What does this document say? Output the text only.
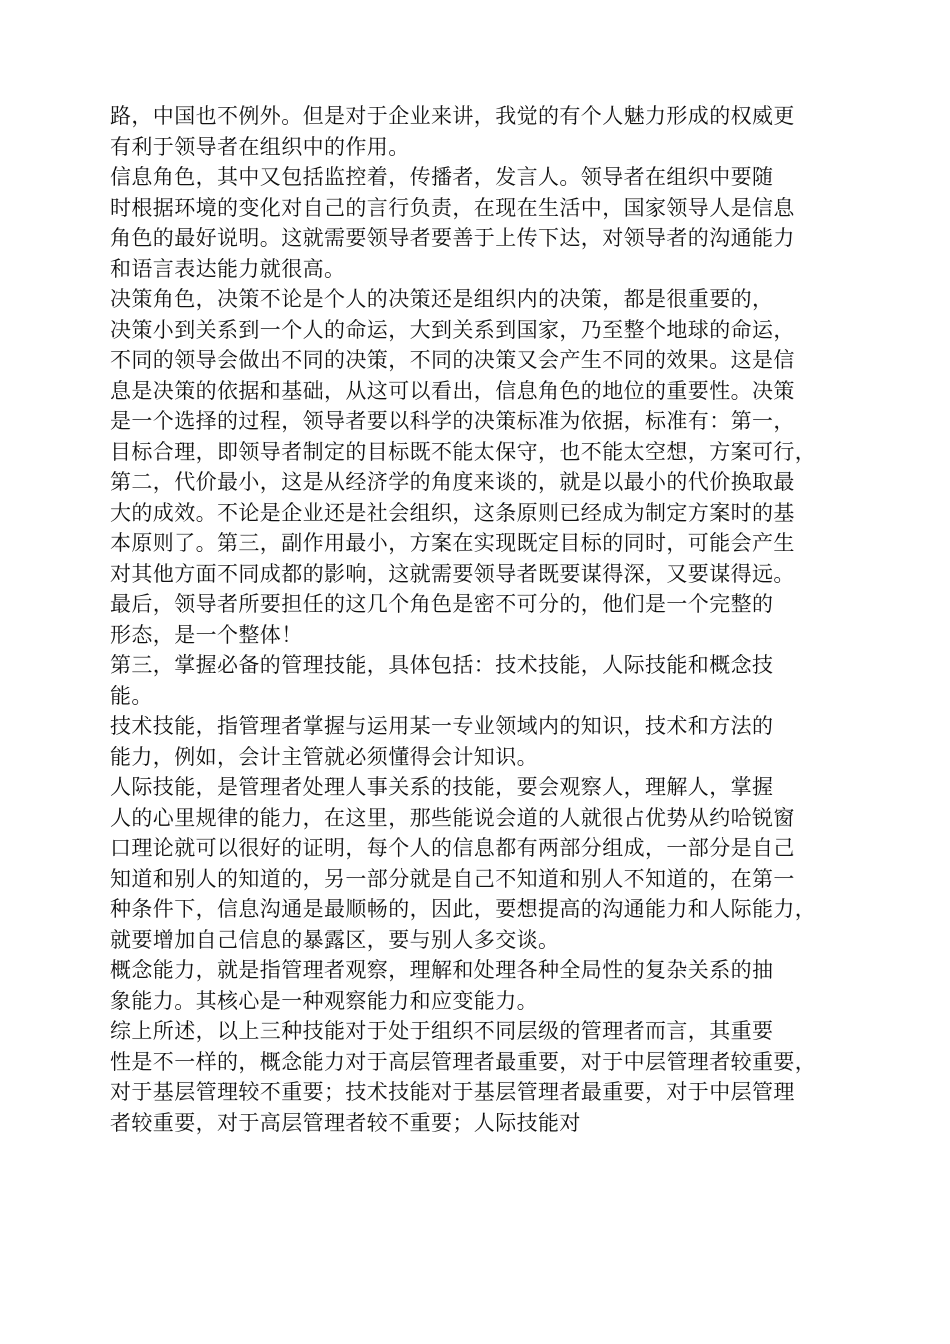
路，中国也不例外。但是对于企业来讲，我觉的有个人魅力形成的权威更
有利于领导者在组织中的作用。
信息角色，其中又包括监控着，传播者，发言人。领导者在组织中要随
时根据环境的变化对自己的言行负责，在现在生活中，国家领导人是信息
角色的最好说明。这就需要领导者要善于上传下达，对领导者的沟通能力
和语言表达能力就很高。
决策角色，决策不论是个人的决策还是组织内的决策，都是很重要的，
决策小到关系到一个人的命运，大到关系到国家，乃至整个地球的命运，
不同的领导会做出不同的决策，不同的决策又会产生不同的效果。这是信
息是决策的依据和基础，从这可以看出，信息角色的地位的重要性。决策
是一个选择的过程，领导者要以科学的决策标准为依据，标准有：第一，
目标合理，即领导者制定的目标既不能太保守，也不能太空想，方案可行，
第二，代价最小，这是从经济学的角度来谈的，就是以最小的代价换取最
大的成效。不论是企业还是社会组织，这条原则已经成为制定方案时的基
本原则了。第三，副作用最小，方案在实现既定目标的同时，可能会产生
对其他方面不同成都的影响，这就需要领导者既要谋得深，又要谋得远。
最后，领导者所要担任的这几个角色是密不可分的，他们是一个完整的
形态，是一个整体！
第三，掌握必备的管理技能，具体包括：技术技能，人际技能和概念技
能。
技术技能，指管理者掌握与运用某一专业领域内的知识，技术和方法的
能力，例如，会计主管就必须懂得会计知识。
人际技能，是管理者处理人事关系的技能，要会观察人，理解人，掌握
人的心里规律的能力，在这里，那些能说会道的人就很占优势从约哈锐窗
口理论就可以很好的证明，每个人的信息都有两部分组成，一部分是自己
知道和别人的知道的，另一部分就是自己不知道和别人不知道的，在第一
种条件下，信息沟通是最顺畅的，因此，要想提高的沟通能力和人际能力，
就要增加自己信息的暴露区，要与别人多交谈。
概念能力，就是指管理者观察，理解和处理各种全局性的复杂关系的抽
象能力。其核心是一种观察能力和应变能力。
综上所述，以上三种技能对于处于组织不同层级的管理者而言，其重要
性是不一样的，概念能力对于高层管理者最重要，对于中层管理者较重要，
对于基层管理较不重要；技术技能对于基层管理者最重要，对于中层管理
者较重要，对于高层管理者较不重要；人际技能对
